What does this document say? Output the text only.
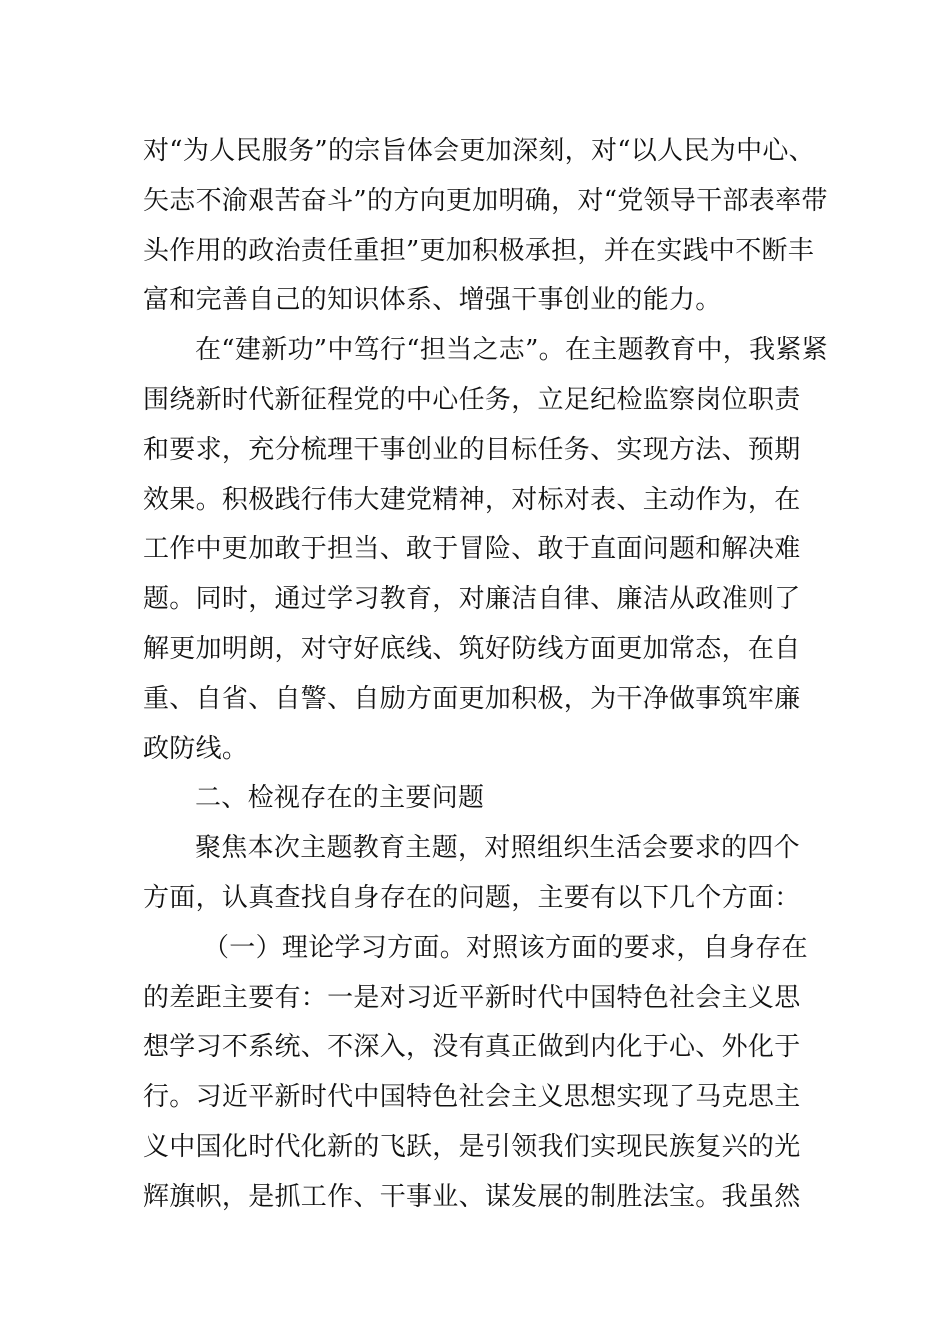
对“为人民服务”的宗旨体会更加深刻，对“以人民为中心、
矢志不渝艰苦奋斗”的方向更加明确，对“党领导干部表率带
头作用的政治责任重担”更加积极承担，并在实践中不断丰
富和完善自己的知识体系、增强干事创业的能力。
在“建新功”中笃行“担当之志”。在主题教育中，我紧紧
围绕新时代新征程党的中心任务，立足纪检监察岗位职责
和要求，充分梳理干事创业的目标任务、实现方法、预期
效果。积极践行伟大建党精神，对标对表、主动作为，在
工作中更加敢于担当、敢于冒险、敢于直面问题和解决难
题。同时，通过学习教育，对廉洁自律、廉洁从政准则了
解更加明朗，对守好底线、筑好防线方面更加常态，在自
重、自省、自警、自励方面更加积极，为干净做事筑牢廉
政防线。
二、检视存在的主要问题
聚焦本次主题教育主题，对照组织生活会要求的四个
方面，认真查找自身存在的问题，主要有以下几个方面：
（一）理论学习方面。对照该方面的要求，自身存在
的差距主要有：一是对习近平新时代中国特色社会主义思
想学习不系统、不深入，没有真正做到内化于心、外化于
行。习近平新时代中国特色社会主义思想实现了马克思主
义中国化时代化新的飞跃，是引领我们实现民族复兴的光
辉旗帜，是抓工作、干事业、谋发展的制胜法宝。我虽然
